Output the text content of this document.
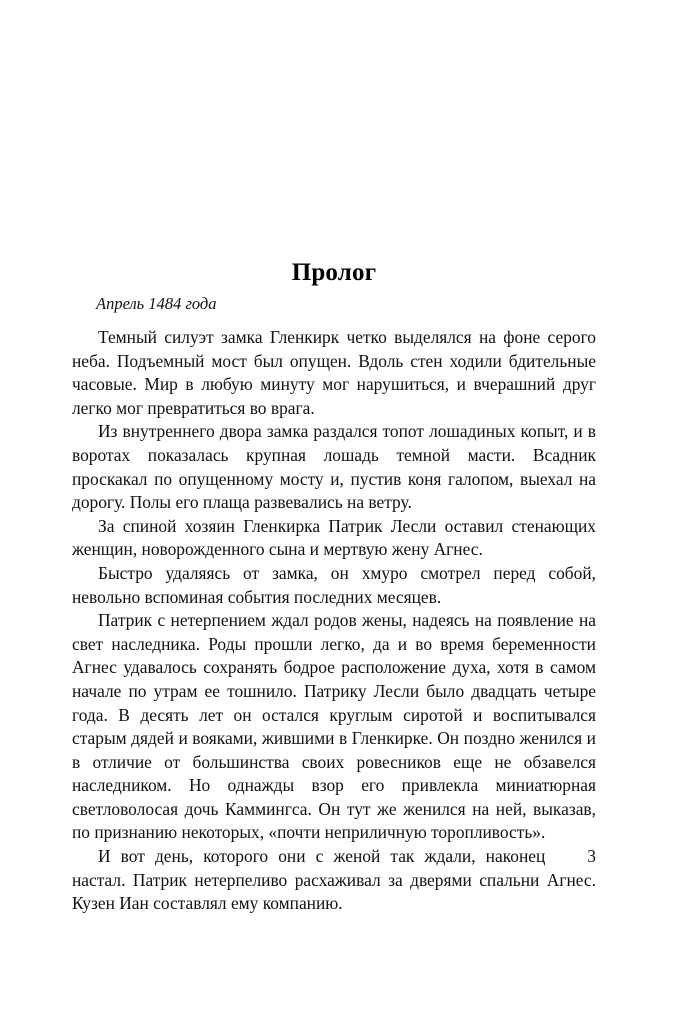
Пролог

Апрель 1484 года

Темный силуэт замка Гленкирк четко выделялся на фоне серого неба. Подъемный мост был опущен. Вдоль стен ходили бдительные часовые. Мир в любую минуту мог нарушиться, и вчерашний друг легко мог превратиться во врага.

Из внутреннего двора замка раздался топот лошадиных копыт, и в воротах показалась крупная лошадь темной масти. Всадник проскакал по опущенному мосту и, пустив коня галопом, выехал на дорогу. Полы его плаща развевались на ветру.

За спиной хозяин Гленкирка Патрик Лесли оставил стенающих женщин, новорожденного сына и мертвую жену Агнес.

Быстро удаляясь от замка, он хмуро смотрел перед собой, невольно вспоминая события последних месяцев.

Патрик с нетерпением ждал родов жены, надеясь на появление на свет наследника. Роды прошли легко, да и во время беременности Агнес удавалось сохранять бодрое расположение духа, хотя в самом начале по утрам ее тошнило. Патрику Лесли было двадцать четыре года. В десять лет он остался круглым сиротой и воспитывался старым дядей и вояками, жившими в Гленкирке. Он поздно женился и в отличие от большинства своих ровесников еще не обзавелся наследником. Но однажды взор его привлекла миниатюрная светловолосая дочь Каммингса. Он тут же женился на ней, выказав, по признанию некоторых, «почти неприличную торопливость».

3
И вот день, которого они с женой так ждали, наконец настал. Патрик нетерпеливо расхаживал за дверями спальни Агнес. Кузен Иан составлял ему компанию.
